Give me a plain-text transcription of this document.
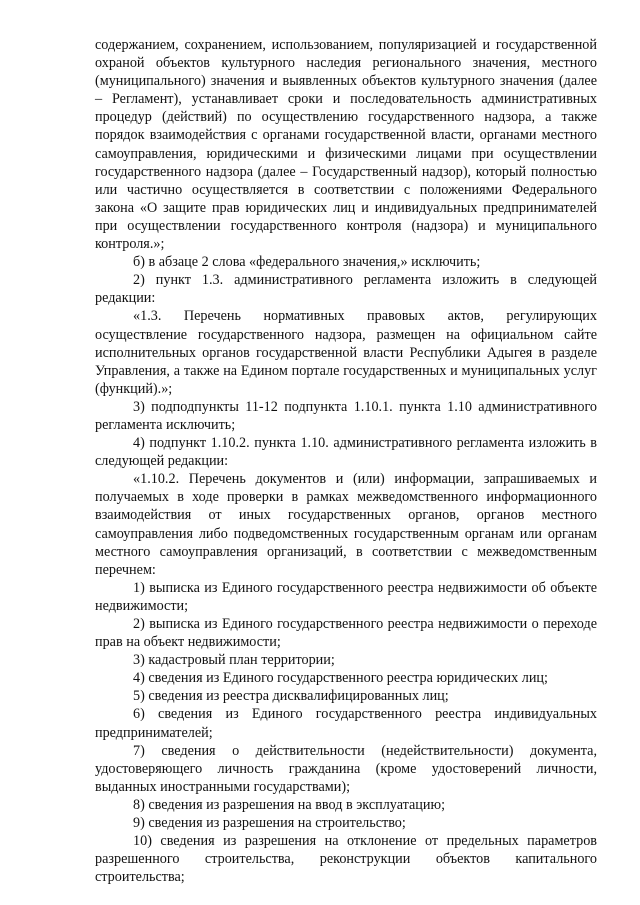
содержанием, сохранением, использованием, популяризацией и государственной охраной объектов культурного наследия регионального значения, местного (муниципального) значения и выявленных объектов культурного значения (далее – Регламент), устанавливает сроки и последовательность административных процедур (действий) по осуществлению государственного надзора, а также порядок взаимодействия с органами государственной власти, органами местного самоуправления, юридическими и физическими лицами при осуществлении государственного надзора (далее – Государственный надзор), который полностью или частично осуществляется в соответствии с положениями Федерального закона «О защите прав юридических лиц и индивидуальных предпринимателей при осуществлении государственного контроля (надзора) и муниципального контроля.»;

б) в абзаце 2 слова «федерального значения,» исключить;

2) пункт 1.3. административного регламента изложить в следующей редакции:

«1.3. Перечень нормативных правовых актов, регулирующих осуществление государственного надзора, размещен на официальном сайте исполнительных органов государственной власти Республики Адыгея в разделе Управления, а также на Едином портале государственных и муниципальных услуг (функций).»;

3) подподпункты 11-12 подпункта 1.10.1. пункта 1.10 административного регламента исключить;

4) подпункт 1.10.2. пункта 1.10. административного регламента изложить в следующей редакции:

«1.10.2. Перечень документов и (или) информации, запрашиваемых и получаемых в ходе проверки в рамках межведомственного информационного взаимодействия от иных государственных органов, органов местного самоуправления либо подведомственных государственным органам или органам местного самоуправления организаций, в соответствии с межведомственным перечнем:

1) выписка из Единого государственного реестра недвижимости об объекте недвижимости;

2) выписка из Единого государственного реестра недвижимости о переходе прав на объект недвижимости;

3) кадастровый план территории;

4) сведения из Единого государственного реестра юридических лиц;

5) сведения из реестра дисквалифицированных лиц;

6) сведения из Единого государственного реестра индивидуальных предпринимателей;

7) сведения о действительности (недействительности) документа, удостоверяющего личность гражданина (кроме удостоверений личности, выданных иностранными государствами);

8) сведения из разрешения на ввод в эксплуатацию;

9) сведения из разрешения на строительство;

10) сведения из разрешения на отклонение от предельных параметров разрешенного строительства, реконструкции объектов капитального строительства;
